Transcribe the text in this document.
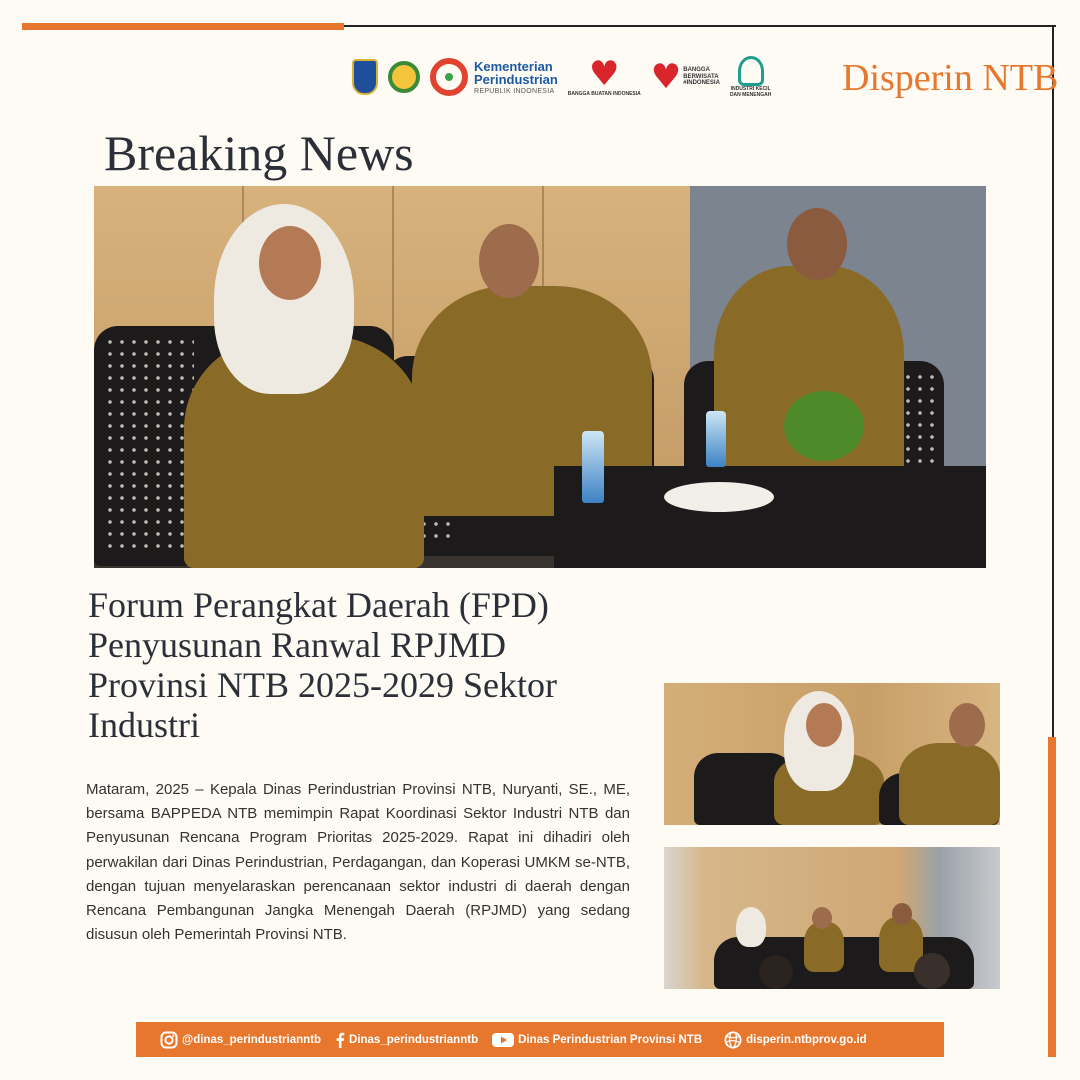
Kementerian
Perindustrian
REPUBLIK INDONESIA ♥
BANGGA BUATAN INDONESIA ♥ BANGGA
BERWISATA
#INDONESIA
INDUSTRI KECIL
DAN MENENGAH Disperin NTB
Breaking News
Forum Perangkat Daerah (FPD)
Penyusunan Ranwal RPJMD
Provinsi NTB 2025-2029 Sektor
Industri
Mataram, 2025 – Kepala Dinas Perindustrian Provinsi NTB, Nuryanti, SE., ME, bersama BAPPEDA NTB memimpin Rapat Koordinasi Sektor Industri NTB dan Penyusunan Rencana Program Prioritas 2025-2029. Rapat ini dihadiri oleh perwakilan dari Dinas Perindustrian, Perdagangan, dan Koperasi UMKM se-NTB, dengan tujuan menyelaraskan perencanaan sektor industri di daerah dengan Rencana Pembangunan Jangka Menengah Daerah (RPJMD) yang sedang disusun oleh Pemerintah Provinsi NTB.
@dinas_perindustrianntb Dinas_perindustrianntb	Dinas Perindustrian Provinsi NTB	disperin.ntbprov.go.id
